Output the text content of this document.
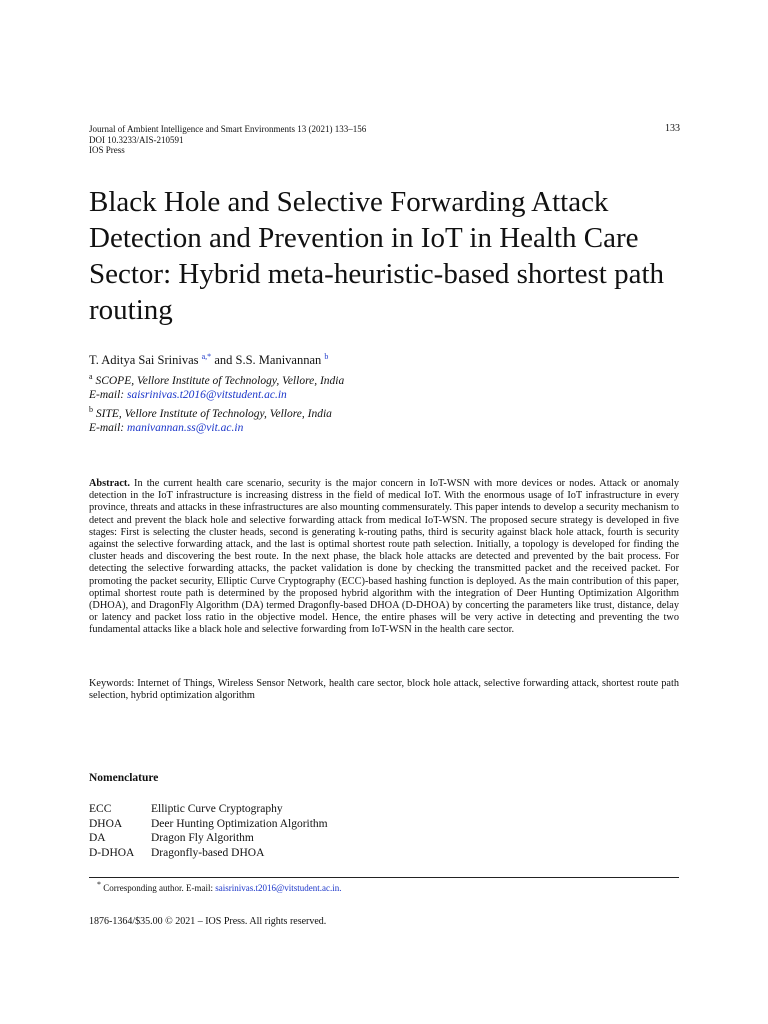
Journal of Ambient Intelligence and Smart Environments 13 (2021) 133–156
DOI 10.3233/AIS-210591
IOS Press
133
Black Hole and Selective Forwarding Attack Detection and Prevention in IoT in Health Care Sector: Hybrid meta-heuristic-based shortest path routing
T. Aditya Sai Srinivas $^{a,*}$ and S.S. Manivannan $^b$
$^a$ SCOPE, Vellore Institute of Technology, Vellore, India
E-mail: saisrinivas.t2016@vitstudent.ac.in
$^b$ SITE, Vellore Institute of Technology, Vellore, India
E-mail: manivannan.ss@vit.ac.in
Abstract. In the current health care scenario, security is the major concern in IoT-WSN with more devices or nodes. Attack or anomaly detection in the IoT infrastructure is increasing distress in the field of medical IoT. With the enormous usage of IoT infrastructure in every province, threats and attacks in these infrastructures are also mounting commensurately. This paper intends to develop a security mechanism to detect and prevent the black hole and selective forwarding attack from medical IoT-WSN. The proposed secure strategy is developed in five stages: First is selecting the cluster heads, second is generating k-routing paths, third is security against black hole attack, fourth is security against the selective forwarding attack, and the last is optimal shortest route path selection. Initially, a topology is developed for finding the cluster heads and discovering the best route. In the next phase, the black hole attacks are detected and prevented by the bait process. For detecting the selective forwarding attacks, the packet validation is done by checking the transmitted packet and the received packet. For promoting the packet security, Elliptic Curve Cryptography (ECC)-based hashing function is deployed. As the main contribution of this paper, optimal shortest route path is determined by the proposed hybrid algorithm with the integration of Deer Hunting Optimization Algorithm (DHOA), and DragonFly Algorithm (DA) termed Dragonfly-based DHOA (D-DHOA) by concerting the parameters like trust, distance, delay or latency and packet loss ratio in the objective model. Hence, the entire phases will be very active in detecting and preventing the two fundamental attacks like a black hole and selective forwarding from IoT-WSN in the health care sector.
Keywords: Internet of Things, Wireless Sensor Network, health care sector, block hole attack, selective forwarding attack, shortest route path selection, hybrid optimization algorithm
Nomenclature
ECC	Elliptic Curve Cryptography
DHOA	Deer Hunting Optimization Algorithm
DA	Dragon Fly Algorithm
D-DHOA	Dragonfly-based DHOA
* Corresponding author. E-mail: saisrinivas.t2016@vitstudent.ac.in.
1876-1364/$35.00 © 2021 – IOS Press. All rights reserved.
